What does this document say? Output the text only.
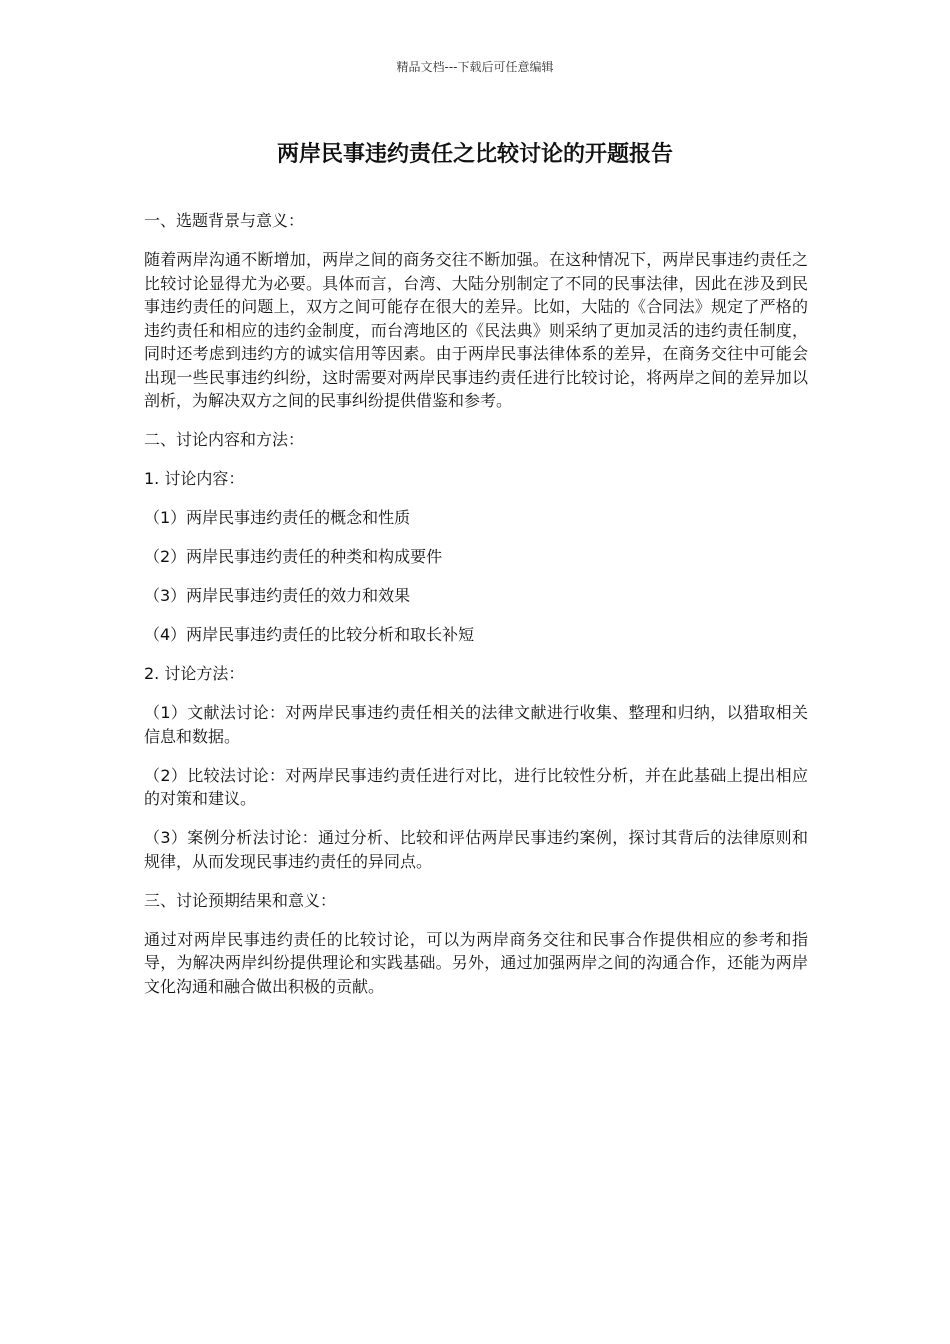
精品文档---下载后可任意编辑
两岸民事违约责任之比较讨论的开题报告

一、选题背景与意义：

随着两岸沟通不断增加，两岸之间的商务交往不断加强。在这种情况下，两岸民事违约责任之比较讨论显得尤为必要。具体而言，台湾、大陆分别制定了不同的民事法律，因此在涉及到民事违约责任的问题上，双方之间可能存在很大的差异。比如，大陆的《合同法》规定了严格的违约责任和相应的违约金制度，而台湾地区的《民法典》则采纳了更加灵活的违约责任制度，同时还考虑到违约方的诚实信用等因素。由于两岸民事法律体系的差异，在商务交往中可能会出现一些民事违约纠纷，这时需要对两岸民事违约责任进行比较讨论，将两岸之间的差异加以剖析，为解决双方之间的民事纠纷提供借鉴和参考。

二、讨论内容和方法：

1. 讨论内容：

（1）两岸民事违约责任的概念和性质

（2）两岸民事违约责任的种类和构成要件

（3）两岸民事违约责任的效力和效果

（4）两岸民事违约责任的比较分析和取长补短

2. 讨论方法：

（1）文献法讨论：对两岸民事违约责任相关的法律文献进行收集、整理和归纳，以猎取相关信息和数据。

（2）比较法讨论：对两岸民事违约责任进行对比，进行比较性分析，并在此基础上提出相应的对策和建议。

（3）案例分析法讨论：通过分析、比较和评估两岸民事违约案例，探讨其背后的法律原则和规律，从而发现民事违约责任的异同点。

三、讨论预期结果和意义：

通过对两岸民事违约责任的比较讨论，可以为两岸商务交往和民事合作提供相应的参考和指导，为解决两岸纠纷提供理论和实践基础。另外，通过加强两岸之间的沟通合作，还能为两岸文化沟通和融合做出积极的贡献。
